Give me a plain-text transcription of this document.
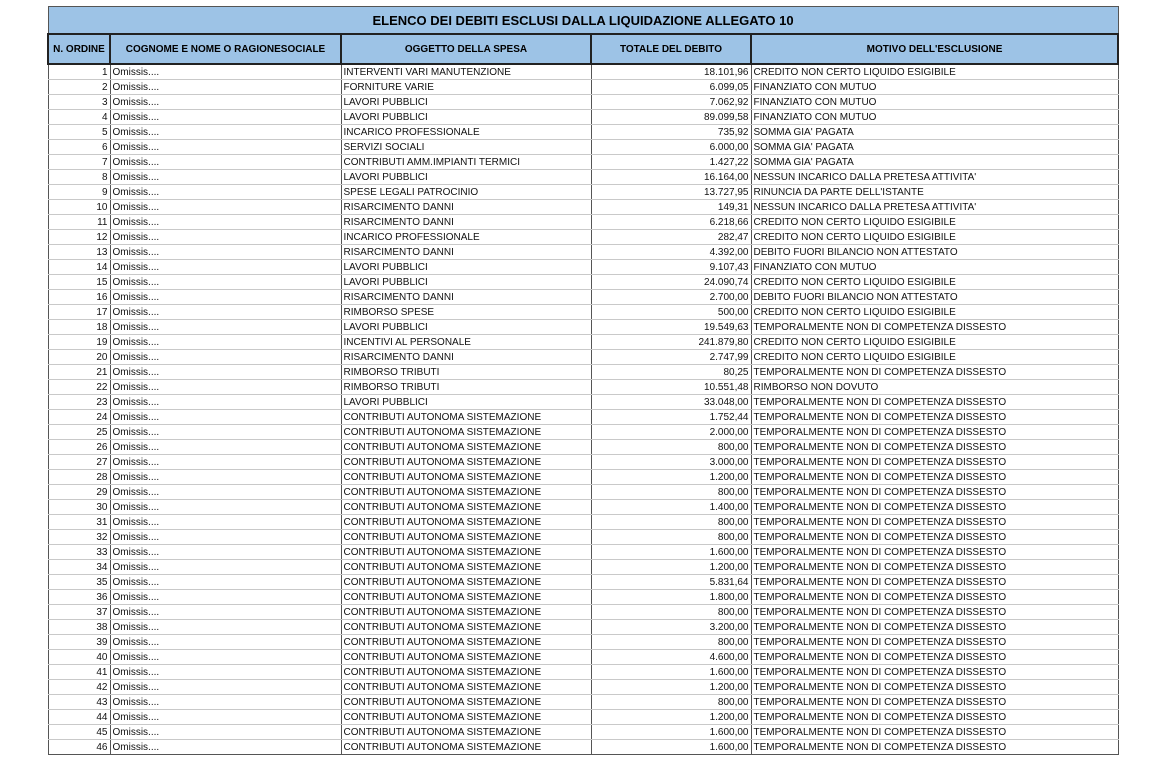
ELENCO DEI DEBITI ESCLUSI DALLA LIQUIDAZIONE ALLEGATO 10				
N. ORDINE	COGNOME E NOME O RAGIONESOCIALE	OGGETTO DELLA SPESA	TOTALE DEL DEBITO	MOTIVO DELL'ESCLUSIONE
1	Omissis....	INTERVENTI VARI MANUTENZIONE	18.101,96	CREDITO NON CERTO LIQUIDO ESIGIBILE
2	Omissis....	FORNITURE VARIE	6.099,05	FINANZIATO CON MUTUO
3	Omissis....	LAVORI PUBBLICI	7.062,92	FINANZIATO CON MUTUO
4	Omissis....	LAVORI PUBBLICI	89.099,58	FINANZIATO CON MUTUO
5	Omissis....	INCARICO PROFESSIONALE	735,92	SOMMA GIA' PAGATA
6	Omissis....	SERVIZI SOCIALI	6.000,00	SOMMA GIA' PAGATA
7	Omissis....	CONTRIBUTI AMM.IMPIANTI TERMICI	1.427,22	SOMMA GIA' PAGATA
8	Omissis....	LAVORI PUBBLICI	16.164,00	NESSUN INCARICO DALLA PRETESA ATTIVITA'
9	Omissis....	SPESE LEGALI PATROCINIO	13.727,95	RINUNCIA DA PARTE DELL'ISTANTE
10	Omissis....	RISARCIMENTO DANNI	149,31	NESSUN INCARICO DALLA PRETESA ATTIVITA'
11	Omissis....	RISARCIMENTO DANNI	6.218,66	CREDITO NON CERTO LIQUIDO ESIGIBILE
12	Omissis....	INCARICO PROFESSIONALE	282,47	CREDITO NON CERTO LIQUIDO ESIGIBILE
13	Omissis....	RISARCIMENTO DANNI	4.392,00	DEBITO FUORI BILANCIO NON ATTESTATO
14	Omissis....	LAVORI PUBBLICI	9.107,43	FINANZIATO CON MUTUO
15	Omissis....	LAVORI PUBBLICI	24.090,74	CREDITO NON CERTO LIQUIDO ESIGIBILE
16	Omissis....	RISARCIMENTO DANNI	2.700,00	DEBITO FUORI BILANCIO NON ATTESTATO
17	Omissis....	RIMBORSO SPESE	500,00	CREDITO NON CERTO LIQUIDO ESIGIBILE
18	Omissis....	LAVORI PUBBLICI	19.549,63	TEMPORALMENTE NON DI COMPETENZA DISSESTO
19	Omissis....	INCENTIVI AL PERSONALE	241.879,80	CREDITO NON CERTO LIQUIDO ESIGIBILE
20	Omissis....	RISARCIMENTO DANNI	2.747,99	CREDITO NON CERTO LIQUIDO ESIGIBILE
21	Omissis....	RIMBORSO TRIBUTI	80,25	TEMPORALMENTE NON DI COMPETENZA DISSESTO
22	Omissis....	RIMBORSO TRIBUTI	10.551,48	RIMBORSO NON DOVUTO
23	Omissis....	LAVORI PUBBLICI	33.048,00	TEMPORALMENTE NON DI COMPETENZA DISSESTO
24	Omissis....	CONTRIBUTI AUTONOMA SISTEMAZIONE	1.752,44	TEMPORALMENTE NON DI COMPETENZA DISSESTO
25	Omissis....	CONTRIBUTI AUTONOMA SISTEMAZIONE	2.000,00	TEMPORALMENTE NON DI COMPETENZA DISSESTO
26	Omissis....	CONTRIBUTI AUTONOMA SISTEMAZIONE	800,00	TEMPORALMENTE NON DI COMPETENZA DISSESTO
27	Omissis....	CONTRIBUTI AUTONOMA SISTEMAZIONE	3.000,00	TEMPORALMENTE NON DI COMPETENZA DISSESTO
28	Omissis....	CONTRIBUTI AUTONOMA SISTEMAZIONE	1.200,00	TEMPORALMENTE NON DI COMPETENZA DISSESTO
29	Omissis....	CONTRIBUTI AUTONOMA SISTEMAZIONE	800,00	TEMPORALMENTE NON DI COMPETENZA DISSESTO
30	Omissis....	CONTRIBUTI AUTONOMA SISTEMAZIONE	1.400,00	TEMPORALMENTE NON DI COMPETENZA DISSESTO
31	Omissis....	CONTRIBUTI AUTONOMA SISTEMAZIONE	800,00	TEMPORALMENTE NON DI COMPETENZA DISSESTO
32	Omissis....	CONTRIBUTI AUTONOMA SISTEMAZIONE	800,00	TEMPORALMENTE NON DI COMPETENZA DISSESTO
33	Omissis....	CONTRIBUTI AUTONOMA SISTEMAZIONE	1.600,00	TEMPORALMENTE NON DI COMPETENZA DISSESTO
34	Omissis....	CONTRIBUTI AUTONOMA SISTEMAZIONE	1.200,00	TEMPORALMENTE NON DI COMPETENZA DISSESTO
35	Omissis....	CONTRIBUTI AUTONOMA SISTEMAZIONE	5.831,64	TEMPORALMENTE NON DI COMPETENZA DISSESTO
36	Omissis....	CONTRIBUTI AUTONOMA SISTEMAZIONE	1.800,00	TEMPORALMENTE NON DI COMPETENZA DISSESTO
37	Omissis....	CONTRIBUTI AUTONOMA SISTEMAZIONE	800,00	TEMPORALMENTE NON DI COMPETENZA DISSESTO
38	Omissis....	CONTRIBUTI AUTONOMA SISTEMAZIONE	3.200,00	TEMPORALMENTE NON DI COMPETENZA DISSESTO
39	Omissis....	CONTRIBUTI AUTONOMA SISTEMAZIONE	800,00	TEMPORALMENTE NON DI COMPETENZA DISSESTO
40	Omissis....	CONTRIBUTI AUTONOMA SISTEMAZIONE	4.600,00	TEMPORALMENTE NON DI COMPETENZA DISSESTO
41	Omissis....	CONTRIBUTI AUTONOMA SISTEMAZIONE	1.600,00	TEMPORALMENTE NON DI COMPETENZA DISSESTO
42	Omissis....	CONTRIBUTI AUTONOMA SISTEMAZIONE	1.200,00	TEMPORALMENTE NON DI COMPETENZA DISSESTO
43	Omissis....	CONTRIBUTI AUTONOMA SISTEMAZIONE	800,00	TEMPORALMENTE NON DI COMPETENZA DISSESTO
44	Omissis....	CONTRIBUTI AUTONOMA SISTEMAZIONE	1.200,00	TEMPORALMENTE NON DI COMPETENZA DISSESTO
45	Omissis....	CONTRIBUTI AUTONOMA SISTEMAZIONE	1.600,00	TEMPORALMENTE NON DI COMPETENZA DISSESTO
46	Omissis....	CONTRIBUTI AUTONOMA SISTEMAZIONE	1.600,00	TEMPORALMENTE NON DI COMPETENZA DISSESTO
